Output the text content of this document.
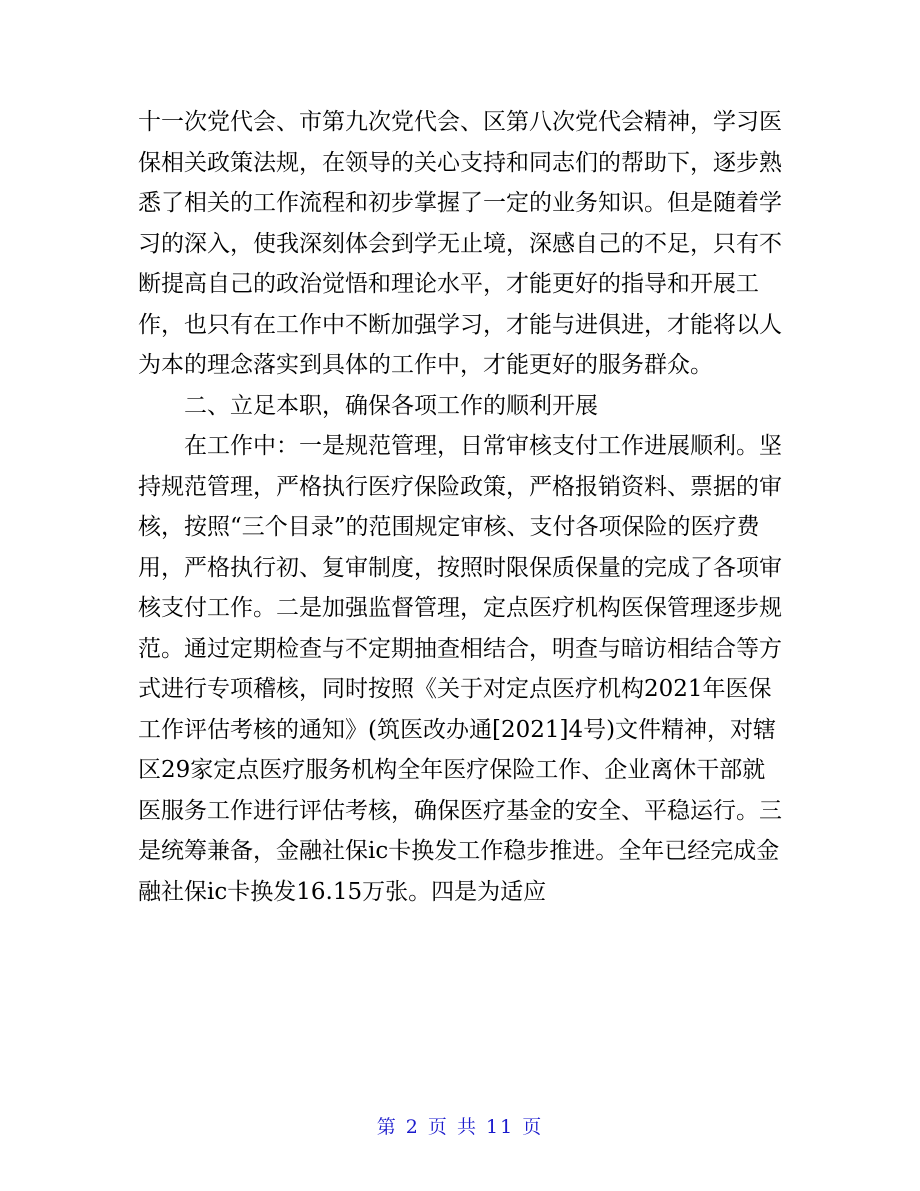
十一次党代会、市第九次党代会、区第八次党代会精神，学习医保相关政策法规，在领导的关心支持和同志们的帮助下，逐步熟悉了相关的工作流程和初步掌握了一定的业务知识。但是随着学习的深入，使我深刻体会到学无止境，深感自己的不足，只有不断提高自己的政治觉悟和理论水平，才能更好的指导和开展工作，也只有在工作中不断加强学习，才能与进俱进，才能将以人为本的理念落实到具体的工作中，才能更好的服务群众。

二、立足本职，确保各项工作的顺利开展

在工作中：一是规范管理，日常审核支付工作进展顺利。坚持规范管理，严格执行医疗保险政策，严格报销资料、票据的审核，按照“三个目录”的范围规定审核、支付各项保险的医疗费用，严格执行初、复审制度，按照时限保质保量的完成了各项审核支付工作。二是加强监督管理，定点医疗机构医保管理逐步规范。通过定期检查与不定期抽查相结合，明查与暗访相结合等方式进行专项稽核，同时按照《关于对定点医疗机构2021年医保工作评估考核的通知》(筑医改办通[2021]4号)文件精神，对辖区29家定点医疗服务机构全年医疗保险工作、企业离休干部就医服务工作进行评估考核，确保医疗基金的安全、平稳运行。三是统筹兼备，金融社保ic卡换发工作稳步推进。全年已经完成金融社保ic卡换发16.15万张。四是为适应

第 2 页 共 11 页
